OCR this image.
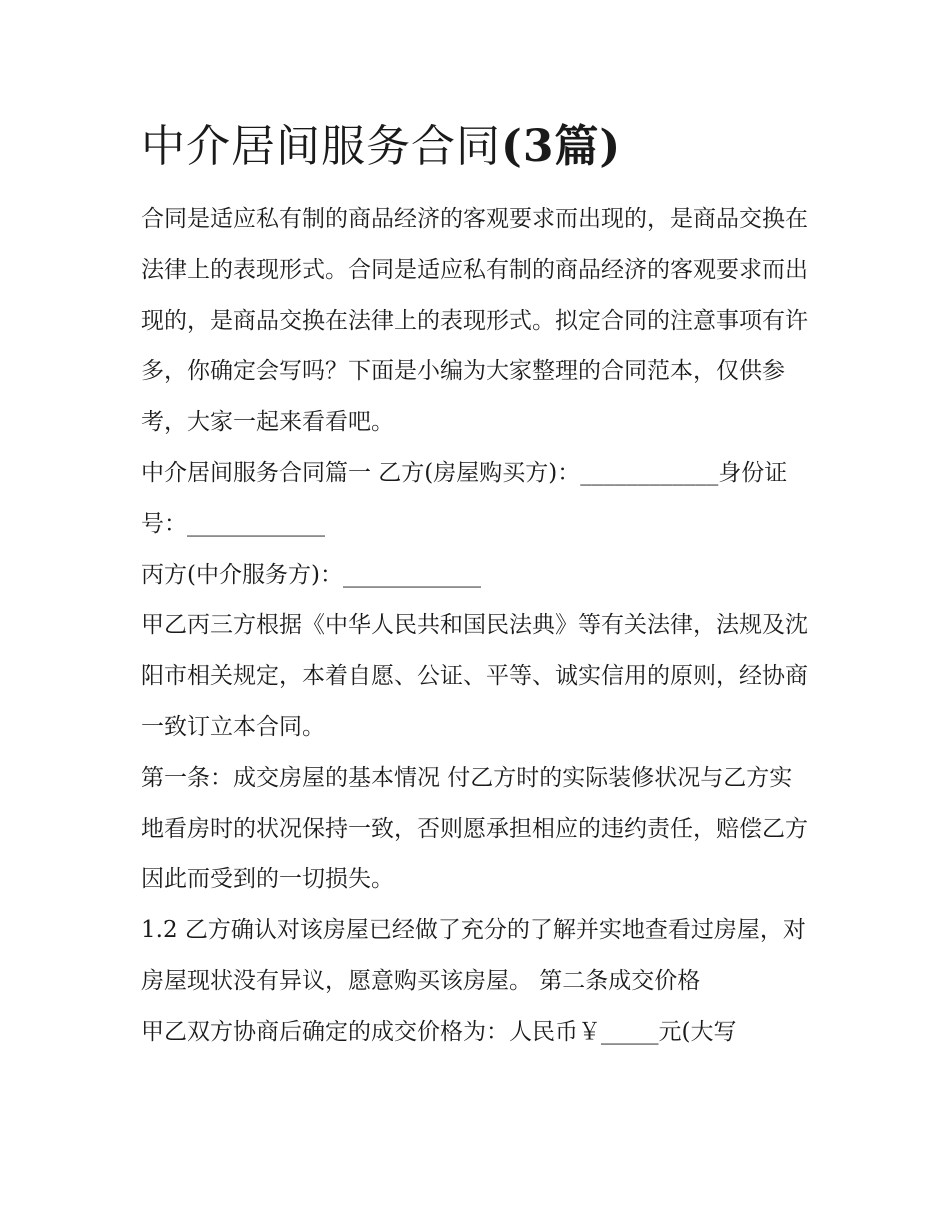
中介居间服务合同(3篇)

合同是适应私有制的商品经济的客观要求而出现的，是商品交换在法律上的表现形式。合同是适应私有制的商品经济的客观要求而出现的，是商品交换在法律上的表现形式。拟定合同的注意事项有许多，你确定会写吗？下面是小编为大家整理的合同范本，仅供参考，大家一起来看看吧。

中介居间服务合同篇一 乙方(房屋购买方)：____________身份证号：____________

丙方(中介服务方)：____________

甲乙丙三方根据《中华人民共和国民法典》等有关法律，法规及沈阳市相关规定，本着自愿、公证、平等、诚实信用的原则，经协商一致订立本合同。

第一条：成交房屋的基本情况 付乙方时的实际装修状况与乙方实地看房时的状况保持一致，否则愿承担相应的违约责任，赔偿乙方因此而受到的一切损失。

1.2 乙方确认对该房屋已经做了充分的了解并实地查看过房屋，对房屋现状没有异议，愿意购买该房屋。 第二条成交价格

甲乙双方协商后确定的成交价格为：人民币￥_____元(大写
